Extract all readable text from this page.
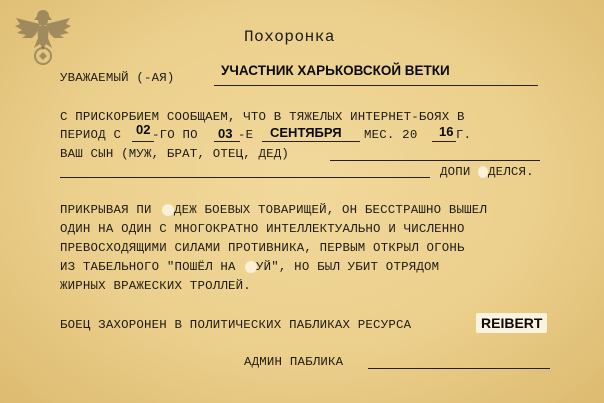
Похоронка
УВАЖАЕМЫЙ (-АЯ)	УЧАСТНИК ХАРЬКОВСКОЙ ВЕТКИ
С ПРИСКОРБИЕМ СООБЩАЕМ, ЧТО В ТЯЖЕЛЫХ ИНТЕРНЕТ-БОЯХ В
ПЕРИОД С 02 -ГО ПО 03 -Е СЕНТЯБРЯ МЕС. 20 16 Г.
ВАШ СЫН (МУЖ, БРАТ, ОТЕЦ, ДЕД)
ДОПИ ДЕЛСЯ.
ПРИКРЫВАЯ ПИ ДЕЖ БОЕВЫХ ТОВАРИЩЕЙ, ОН БЕССТРАШНО ВЫШЕЛ
ОДИН НА ОДИН С МНОГОКРАТНО ИНТЕЛЛЕКТУАЛЬНО И ЧИСЛЕННО
ПРЕВОСХОДЯЩИМИ СИЛАМИ ПРОТИВНИКА, ПЕРВЫМ ОТКРЫЛ ОГОНЬ
ИЗ ТАБЕЛЬНОГО "ПОШЁЛ НА УЙ", НО БЫЛ УБИТ ОТРЯДОМ
ЖИРНЫХ ВРАЖЕСКИХ ТРОЛЛЕЙ.
БОЕЦ ЗАХОРОНЕН В ПОЛИТИЧЕСКИХ ПАБЛИКАХ РЕСУРСА	REIBERT
АДМИН ПАБЛИКА
